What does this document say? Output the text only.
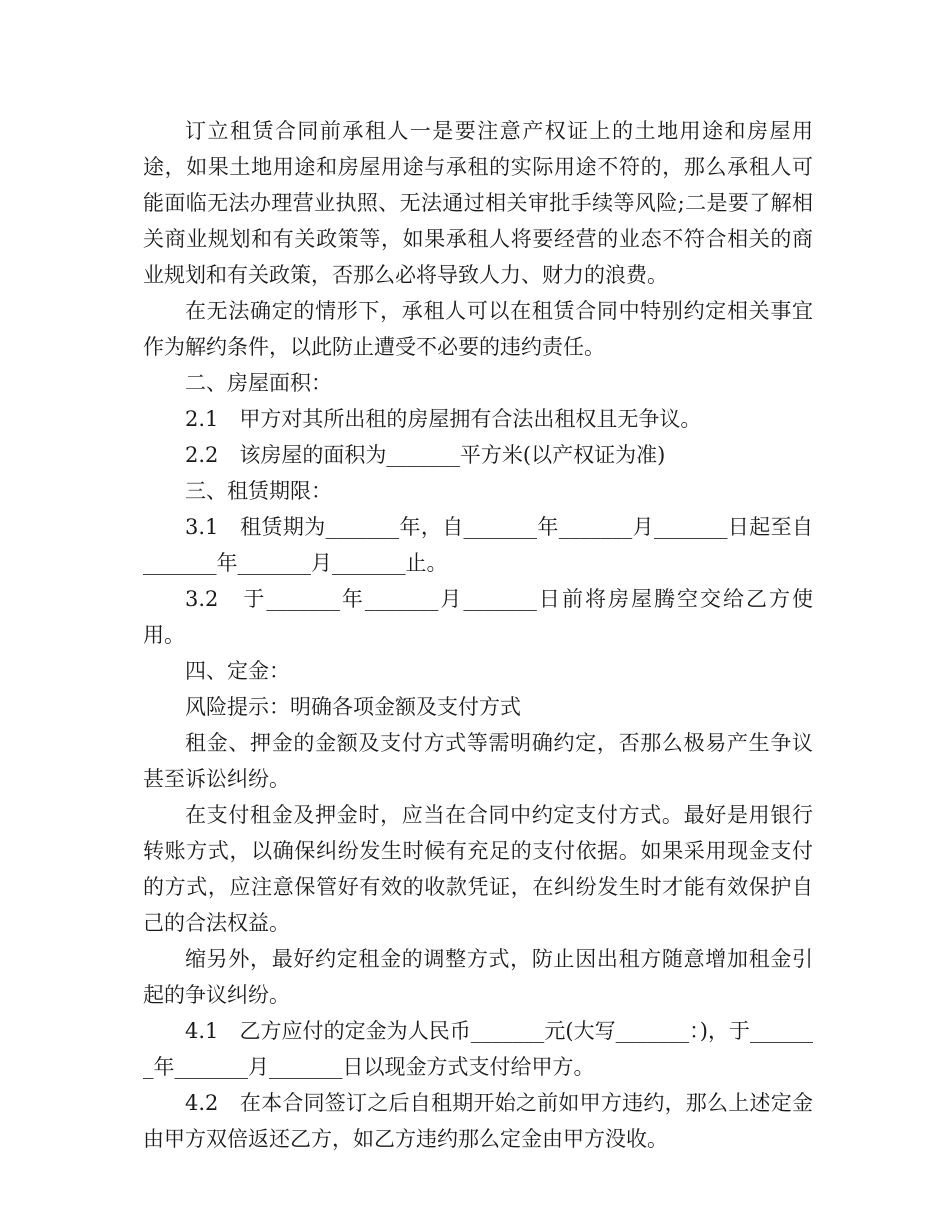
订立租赁合同前承租人一是要注意产权证上的土地用途和房屋用途，如果土地用途和房屋用途与承租的实际用途不符的，那么承租人可能面临无法办理营业执照、无法通过相关审批手续等风险;二是要了解相关商业规划和有关政策等，如果承租人将要经营的业态不符合相关的商业规划和有关政策，否那么必将导致人力、财力的浪费。

在无法确定的情形下，承租人可以在租赁合同中特别约定相关事宜作为解约条件，以此防止遭受不必要的违约责任。

二、房屋面积：

2.1　甲方对其所出租的房屋拥有合法出租权且无争议。

2.2　该房屋的面积为_______平方米(以产权证为准)

三、租赁期限：

3.1　租赁期为_______年，自_______年_______月_______日起至自_______年_______月_______止。

3.2　于_______年_______月_______日前将房屋腾空交给乙方使用。

四、定金：

风险提示：明确各项金额及支付方式

租金、押金的金额及支付方式等需明确约定，否那么极易产生争议甚至诉讼纠纷。

在支付租金及押金时，应当在合同中约定支付方式。最好是用银行转账方式，以确保纠纷发生时候有充足的支付依据。如果采用现金支付的方式，应注意保管好有效的收款凭证，在纠纷发生时才能有效保护自己的合法权益。

缩另外，最好约定租金的调整方式，防止因出租方随意增加租金引起的争议纠纷。

4.1　乙方应付的定金为人民币_______元(大写_______：)，于_______年_______月_______日以现金方式支付给甲方。

4.2　在本合同签订之后自租期开始之前如甲方违约，那么上述定金由甲方双倍返还乙方，如乙方违约那么定金由甲方没收。
